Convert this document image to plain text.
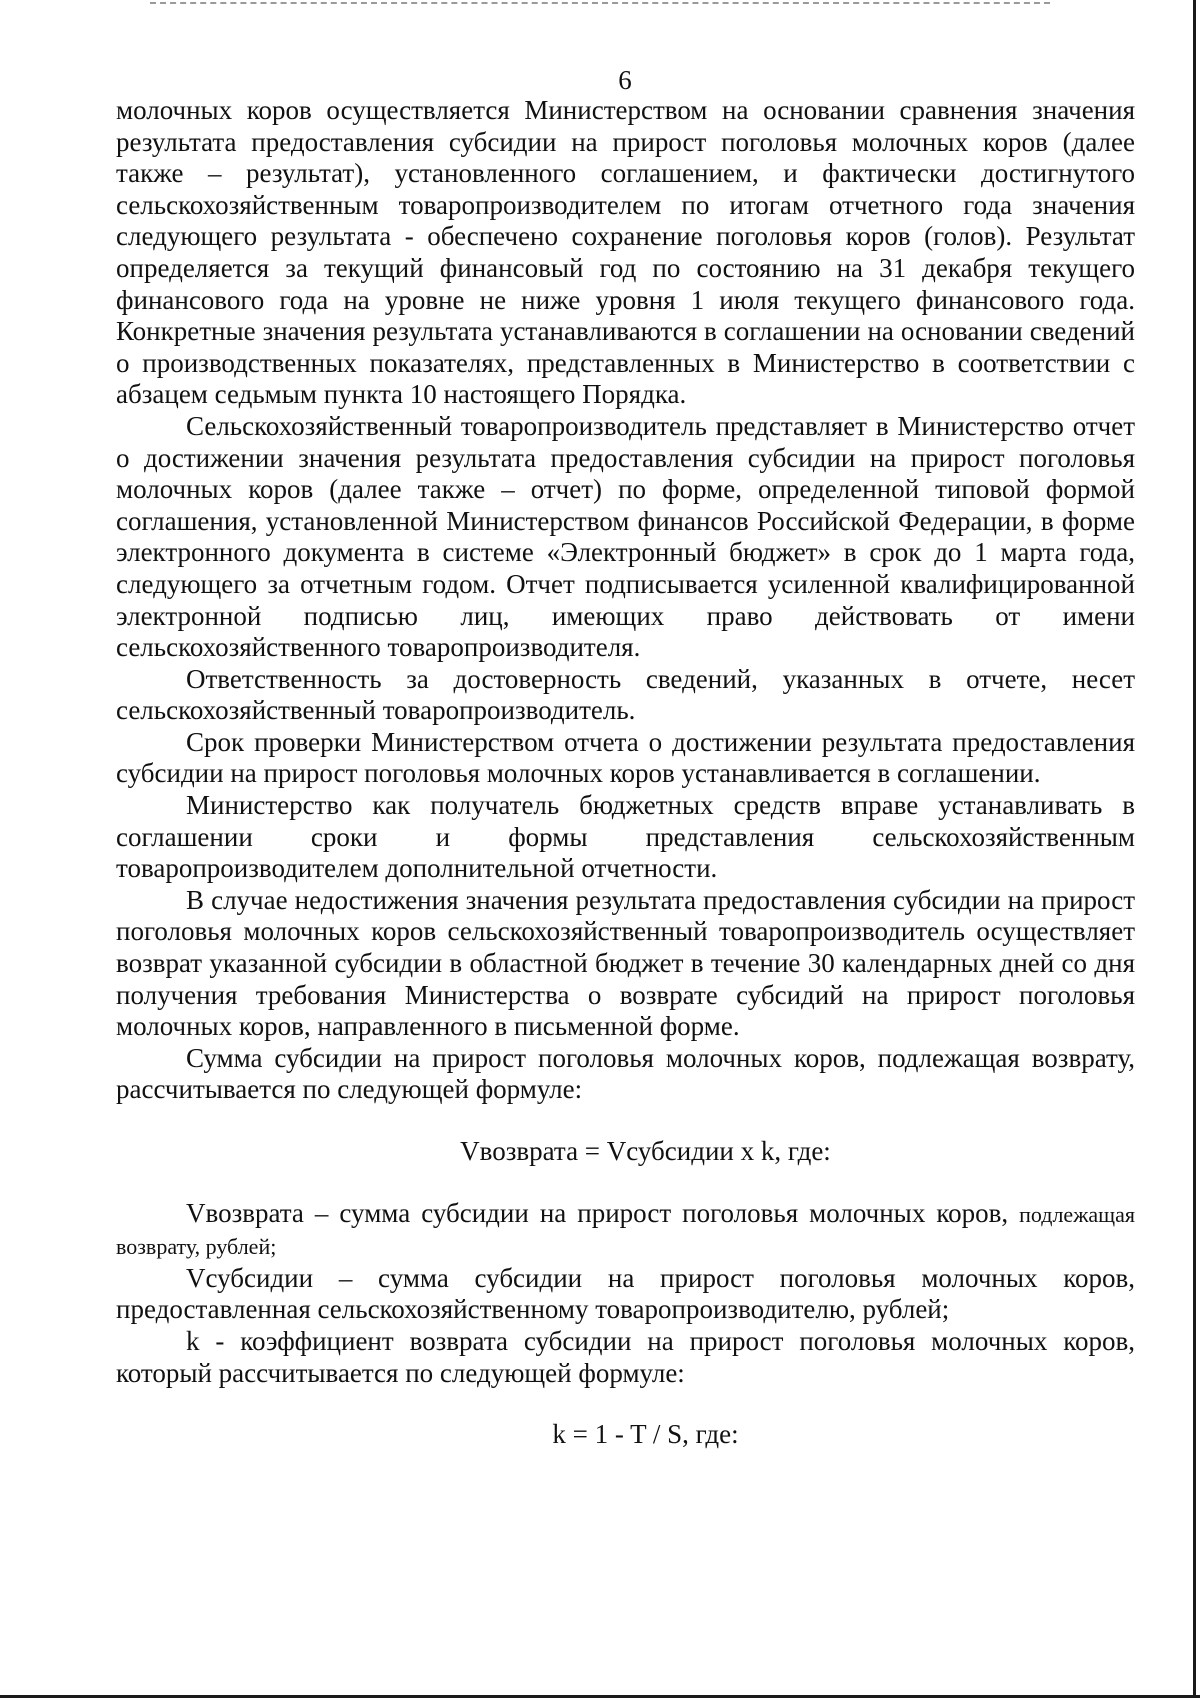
6

молочных коров осуществляется Министерством на основании сравнения значения результата предоставления субсидии на прирост поголовья молочных коров (далее также – результат), установленного соглашением, и фактически достигнутого сельскохозяйственным товаропроизводителем по итогам отчетного года значения следующего результата - обеспечено сохранение поголовья коров (голов). Результат определяется за текущий финансовый год по состоянию на 31 декабря текущего финансового года на уровне не ниже уровня 1 июля текущего финансового года. Конкретные значения результата устанавливаются в соглашении на основании сведений о производственных показателях, представленных в Министерство в соответствии с абзацем седьмым пункта 10 настоящего Порядка.

Сельскохозяйственный товаропроизводитель представляет в Министерство отчет о достижении значения результата предоставления субсидии на прирост поголовья молочных коров (далее также – отчет) по форме, определенной типовой формой соглашения, установленной Министерством финансов Российской Федерации, в форме электронного документа в системе «Электронный бюджет» в срок до 1 марта года, следующего за отчетным годом. Отчет подписывается усиленной квалифицированной электронной подписью лиц, имеющих право действовать от имени сельскохозяйственного товаропроизводителя.

Ответственность за достоверность сведений, указанных в отчете, несет сельскохозяйственный товаропроизводитель.

Срок проверки Министерством отчета о достижении результата предоставления субсидии на прирост поголовья молочных коров устанавливается в соглашении.

Министерство как получатель бюджетных средств вправе устанавливать в соглашении сроки и формы представления сельскохозяйственным товаропроизводителем дополнительной отчетности.

В случае недостижения значения результата предоставления субсидии на прирост поголовья молочных коров сельскохозяйственный товаропроизводитель осуществляет возврат указанной субсидии в областной бюджет в течение 30 календарных дней со дня получения требования Министерства о возврате субсидий на прирост поголовья молочных коров, направленного в письменной форме.

Сумма субсидии на прирост поголовья молочных коров, подлежащая возврату, рассчитывается по следующей формуле:

Vвозврата = Vсубсидии x k, где:

Vвозврата – сумма субсидии на прирост поголовья молочных коров, подлежащая возврату, рублей;

Vсубсидии – сумма субсидии на прирост поголовья молочных коров, предоставленная сельскохозяйственному товаропроизводителю, рублей;

k - коэффициент возврата субсидии на прирост поголовья молочных коров, который рассчитывается по следующей формуле:

k = 1 - T / S, где:
